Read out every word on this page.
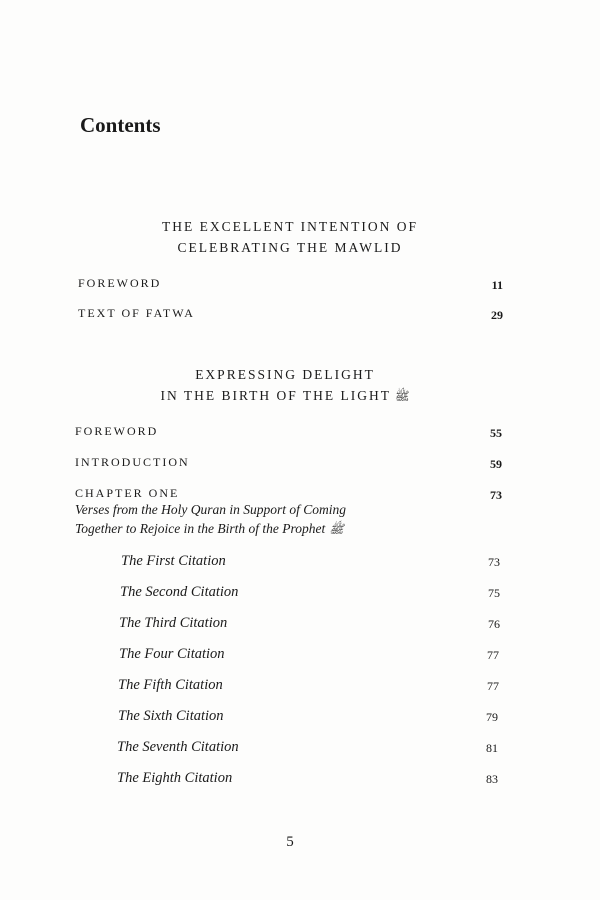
Contents
THE EXCELLENT INTENTION OF
CELEBRATING THE MAWLID
FOREWORD	11
TEXT OF FATWA	29
EXPRESSING DELIGHT
IN THE BIRTH OF THE LIGHT ﷺ
FOREWORD	55
INTRODUCTION	59
CHAPTER ONE	73
Verses from the Holy Quran in Support of Coming
Together to Rejoice in the Birth of the Prophet ﷺ
The First Citation	73
The Second Citation	75
The Third Citation	76
The Four Citation	77
The Fifth Citation	77
The Sixth Citation	79
The Seventh Citation	81
The Eighth Citation	83
5
